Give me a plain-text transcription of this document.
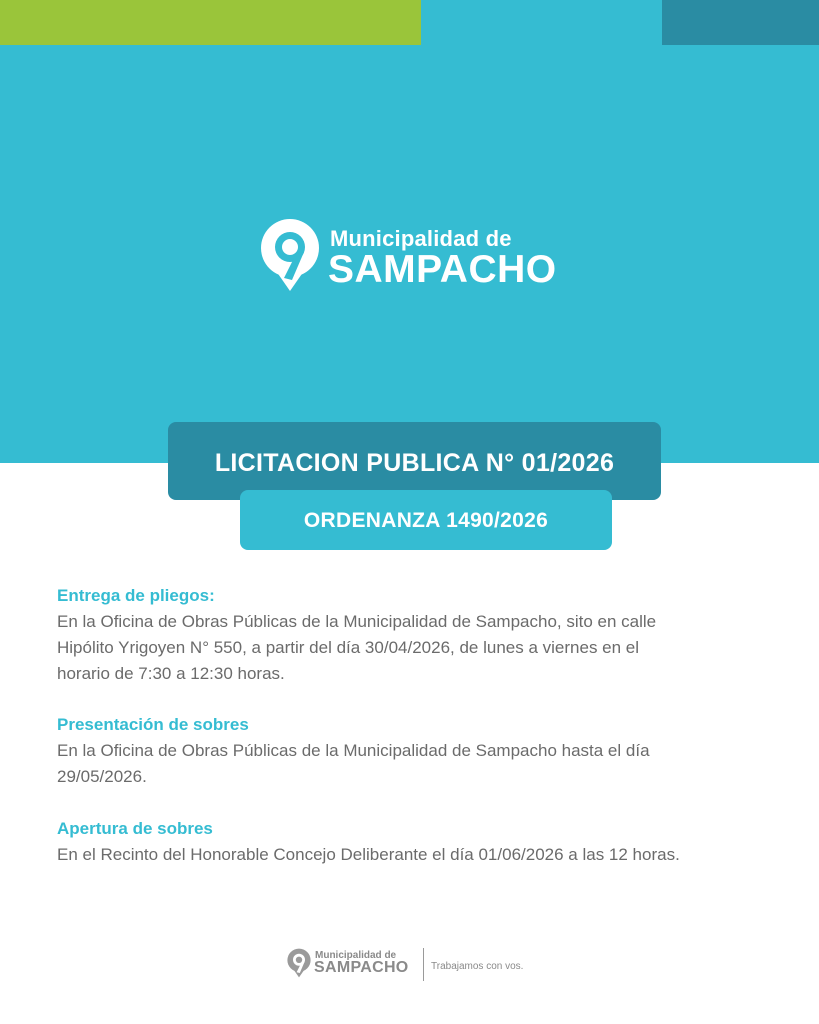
Municipalidad de
SAMPACHO
LICITACION PUBLICA N° 01/2026
ORDENANZA 1490/2026
Entrega de pliegos:

En la Oficina de Obras Públicas de la Municipalidad de Sampacho, sito en calle

Hipólito Yrigoyen N° 550, a partir del día 30/04/2026, de lunes a viernes en el

horario de 7:30 a 12:30 horas.

Presentación de sobres

En la Oficina de Obras Públicas de la Municipalidad de Sampacho hasta el día

29/05/2026.

Apertura de sobres

En el Recinto del Honorable Concejo Deliberante el día 01/06/2026 a las 12 horas.

Municipalidad de
SAMPACHO Trabajamos con vos.
